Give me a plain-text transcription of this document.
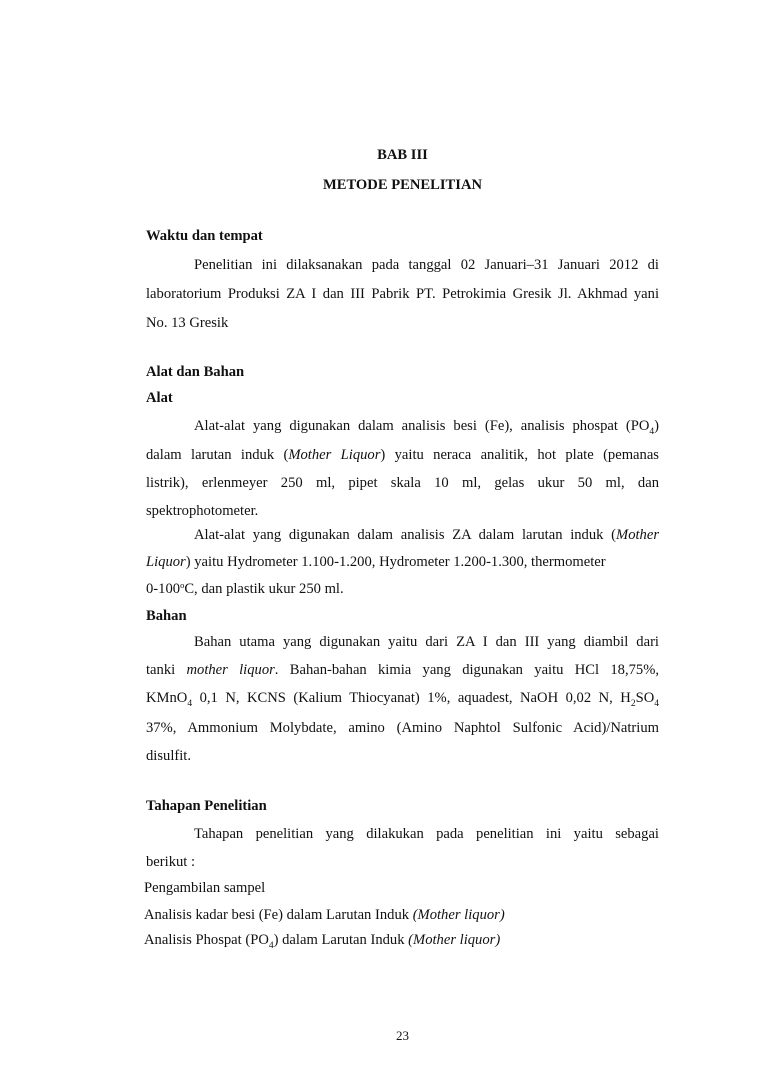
BAB III
METODE PENELITIAN
Waktu dan tempat
Penelitian ini dilaksanakan pada tanggal 02 Januari–31 Januari 2012 di
laboratorium Produksi ZA I dan III Pabrik PT. Petrokimia Gresik Jl. Akhmad yani
No. 13 Gresik
Alat dan Bahan
Alat
Alat-alat yang digunakan dalam analisis besi (Fe), analisis phospat $(PO_4)$
dalam larutan induk (Mother Liquor) yaitu neraca analitik, hot plate (pemanas
listrik), erlenmeyer 250 ml, pipet skala 10 ml, gelas ukur 50 ml, dan
spektrophotometer.
Alat-alat yang digunakan dalam analisis ZA dalam larutan induk (Mother
Liquor) yaitu Hydrometer 1.100-1.200, Hydrometer 1.200-1.300, thermometer
0-100$^o$C, dan plastik ukur 250 ml.
Bahan
Bahan utama yang digunakan yaitu dari ZA I dan III yang diambil dari
tanki mother liquor. Bahan-bahan kimia yang digunakan yaitu HCl 18,75%,
KMnO$_4$ 0,1 N, KCNS (Kalium Thiocyanat) 1%, aquadest, NaOH 0,02 N, $H_2SO_4$
37%, Ammonium Molybdate, amino (Amino Naphtol Sulfonic Acid)/Natrium
disulfit.
Tahapan Penelitian
Tahapan penelitian yang dilakukan pada penelitian ini yaitu sebagai
berikut :
Pengambilan sampel
Analisis kadar besi (Fe) dalam Larutan Induk (Mother liquor)
Analisis Phospat $(PO_4)$ dalam Larutan Induk (Mother liquor)
23
